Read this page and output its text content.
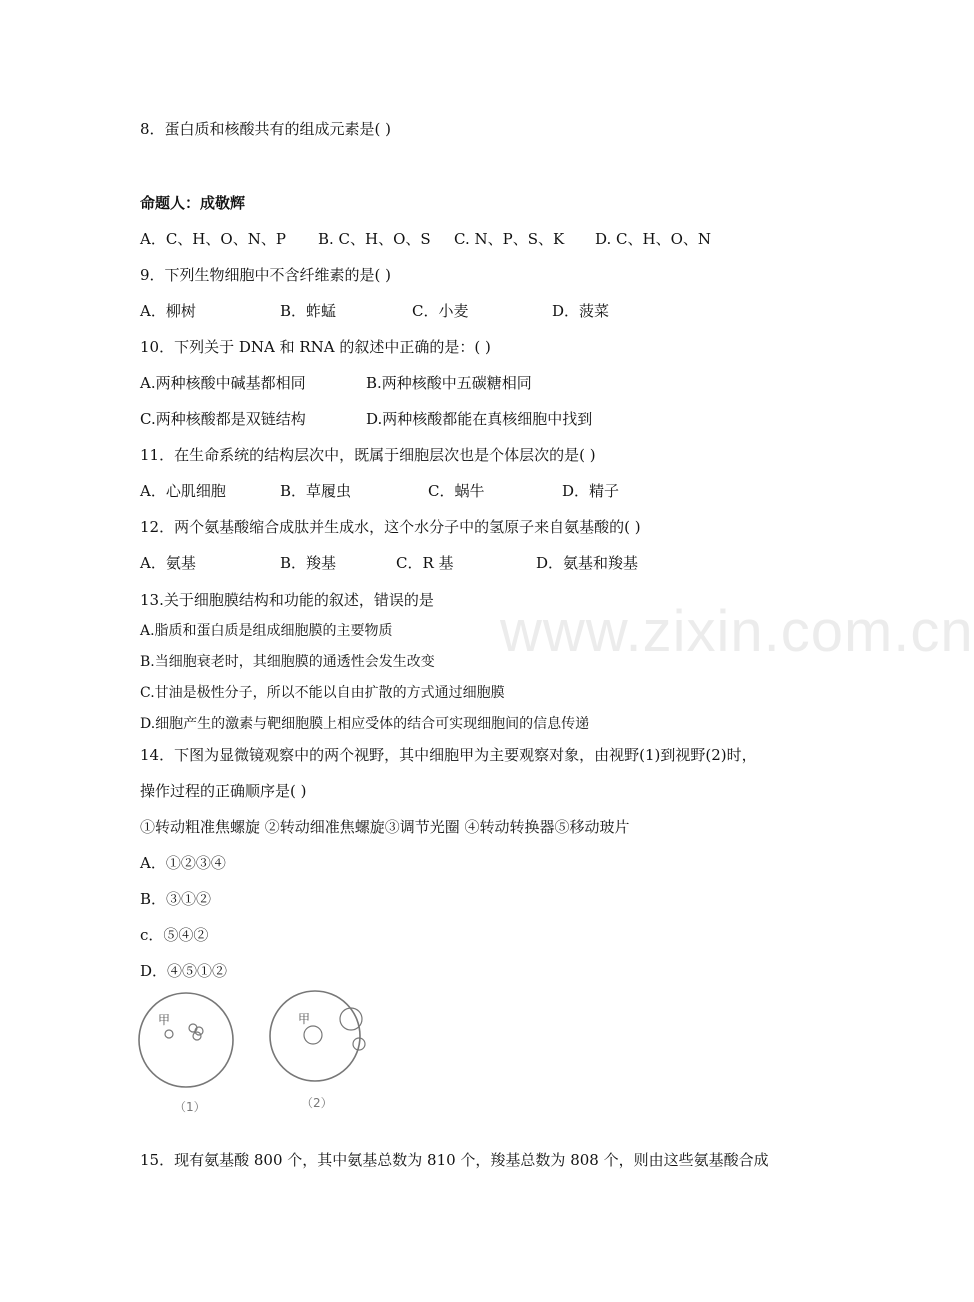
www.zixin.com.cn
8．蛋白质和核酸共有的组成元素是( )
命题人：成敬辉
A．C、H、O、N、P B. C、H、O、S C. N、P、S、K D. C、H、O、N
9．下列生物细胞中不含纤维素的是( )
A．柳树	B．蚱蜢	C．小麦	D．菠菜
10．下列关于 DNA 和 RNA 的叙述中正确的是：( )
A.两种核酸中碱基都相同	B.两种核酸中五碳糖相同
C.两种核酸都是双链结构	D.两种核酸都能在真核细胞中找到
11．在生命系统的结构层次中，既属于细胞层次也是个体层次的是( )
A．心肌细胞	B．草履虫	C．蜗牛	D．精子
12．两个氨基酸缩合成肽并生成水，这个水分子中的氢原子来自氨基酸的( )
A．氨基	B．羧基	C．R 基	D．氨基和羧基
13.关于细胞膜结构和功能的叙述，错误的是
A.脂质和蛋白质是组成细胞膜的主要物质
B.当细胞衰老时，其细胞膜的通透性会发生改变
C.甘油是极性分子，所以不能以自由扩散的方式通过细胞膜
D.细胞产生的激素与靶细胞膜上相应受体的结合可实现细胞间的信息传递
14．下图为显微镜观察中的两个视野，其中细胞甲为主要观察对象，由视野(1)到视野(2)时，
操作过程的正确顺序是( )
①转动粗准焦螺旋 ②转动细准焦螺旋③调节光圈 ④转动转换器⑤移动玻片
A．①②③④
B．③①②
c．⑤④②
D．④⑤①②
甲	甲
（1）	（2）
15．现有氨基酸 800 个，其中氨基总数为 810 个，羧基总数为 808 个，则由这些氨基酸合成
